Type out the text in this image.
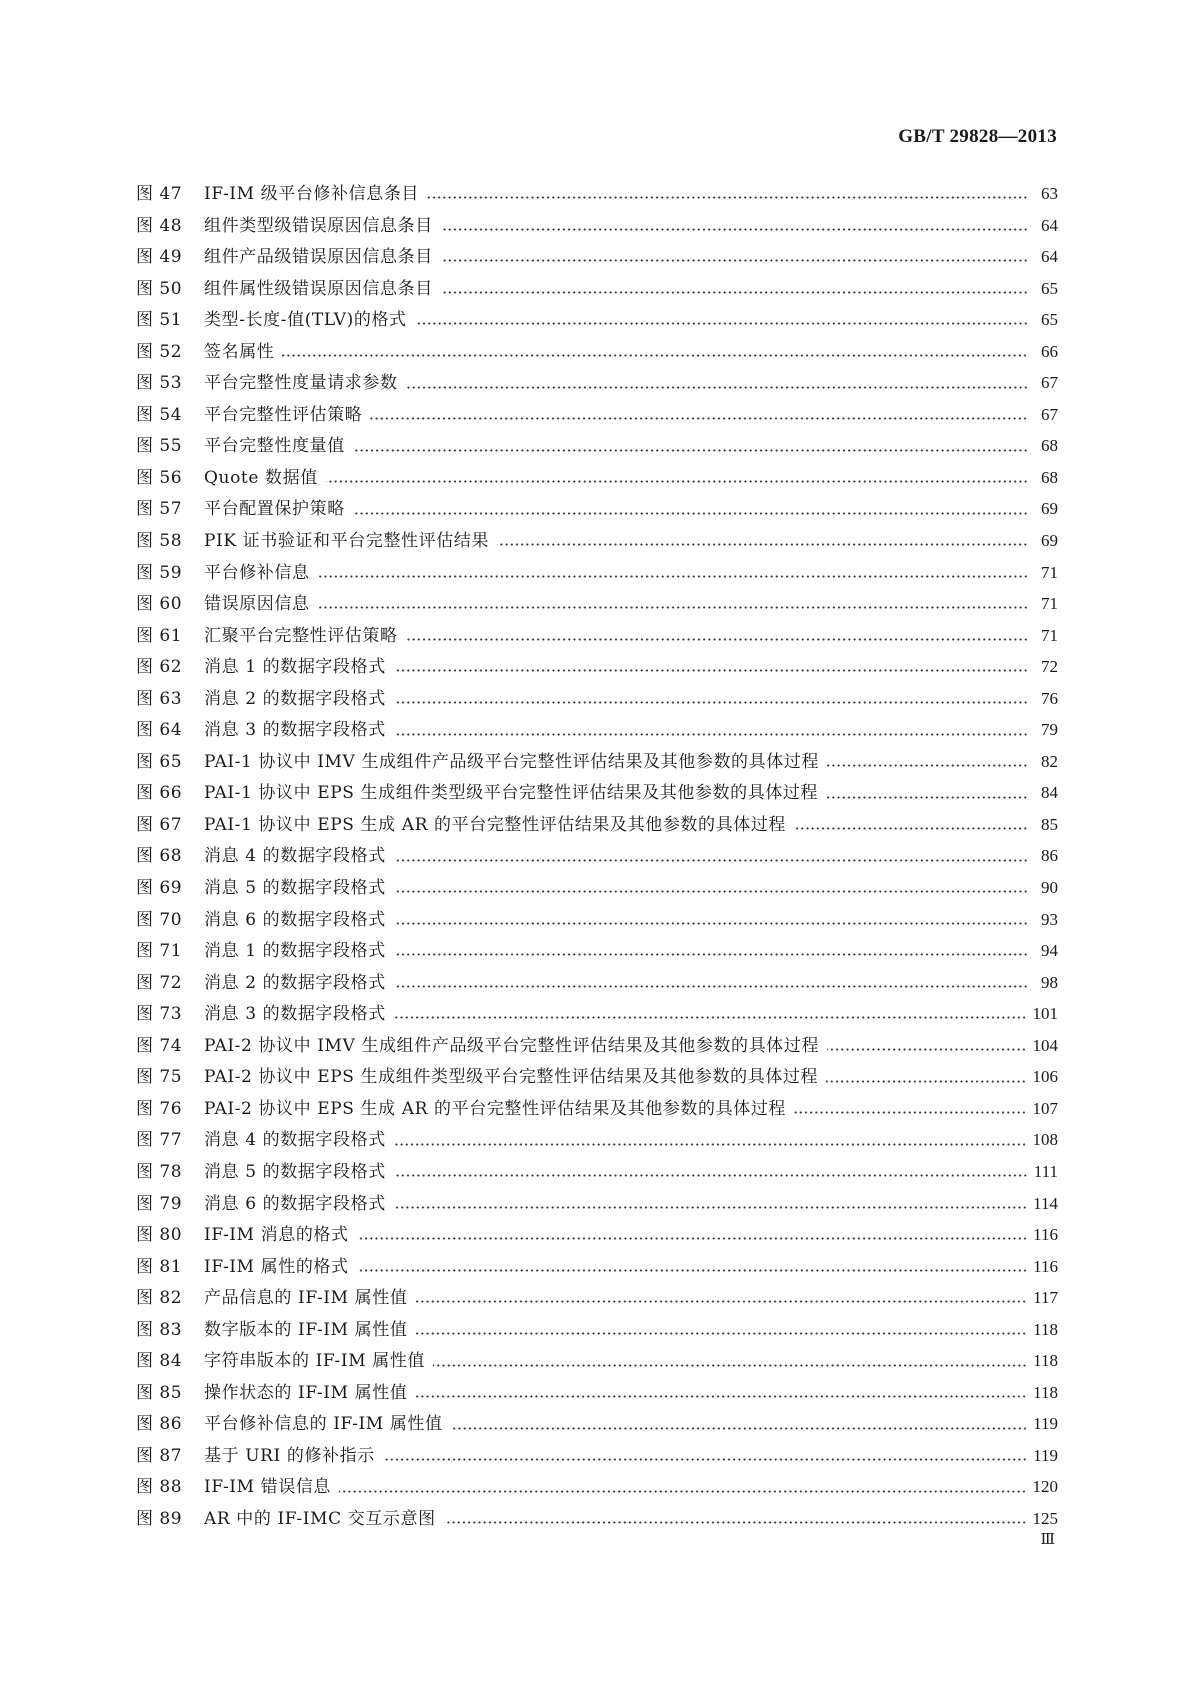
GB/T 29828—2013
图 47	IF-IM 级平台修补信息条目	63
图 48	组件类型级错误原因信息条目	64
图 49	组件产品级错误原因信息条目	64
图 50	组件属性级错误原因信息条目	65
图 51	类型-长度-值(TLV)的格式	65
图 52	签名属性	66
图 53	平台完整性度量请求参数	67
图 54	平台完整性评估策略	67
图 55	平台完整性度量值	68
图 56	Quote 数据值	68
图 57	平台配置保护策略	69
图 58	PIK 证书验证和平台完整性评估结果	69
图 59	平台修补信息	71
图 60	错误原因信息	71
图 61	汇聚平台完整性评估策略	71
图 62	消息 1 的数据字段格式	72
图 63	消息 2 的数据字段格式	76
图 64	消息 3 的数据字段格式	79
图 65	PAI-1 协议中 IMV 生成组件产品级平台完整性评估结果及其他参数的具体过程	82
图 66	PAI-1 协议中 EPS 生成组件类型级平台完整性评估结果及其他参数的具体过程	84
图 67	PAI-1 协议中 EPS 生成 AR 的平台完整性评估结果及其他参数的具体过程	85
图 68	消息 4 的数据字段格式	86
图 69	消息 5 的数据字段格式	90
图 70	消息 6 的数据字段格式	93
图 71	消息 1 的数据字段格式	94
图 72	消息 2 的数据字段格式	98
图 73	消息 3 的数据字段格式	101
图 74	PAI-2 协议中 IMV 生成组件产品级平台完整性评估结果及其他参数的具体过程	104
图 75	PAI-2 协议中 EPS 生成组件类型级平台完整性评估结果及其他参数的具体过程	106
图 76	PAI-2 协议中 EPS 生成 AR 的平台完整性评估结果及其他参数的具体过程	107
图 77	消息 4 的数据字段格式	108
图 78	消息 5 的数据字段格式	111
图 79	消息 6 的数据字段格式	114
图 80	IF-IM 消息的格式	116
图 81	IF-IM 属性的格式	116
图 82	产品信息的 IF-IM 属性值	117
图 83	数字版本的 IF-IM 属性值	118
图 84	字符串版本的 IF-IM 属性值	118
图 85	操作状态的 IF-IM 属性值	118
图 86	平台修补信息的 IF-IM 属性值	119
图 87	基于 URI 的修补指示	119
图 88	IF-IM 错误信息	120
图 89	AR 中的 IF-IMC 交互示意图	125
Ⅲ
